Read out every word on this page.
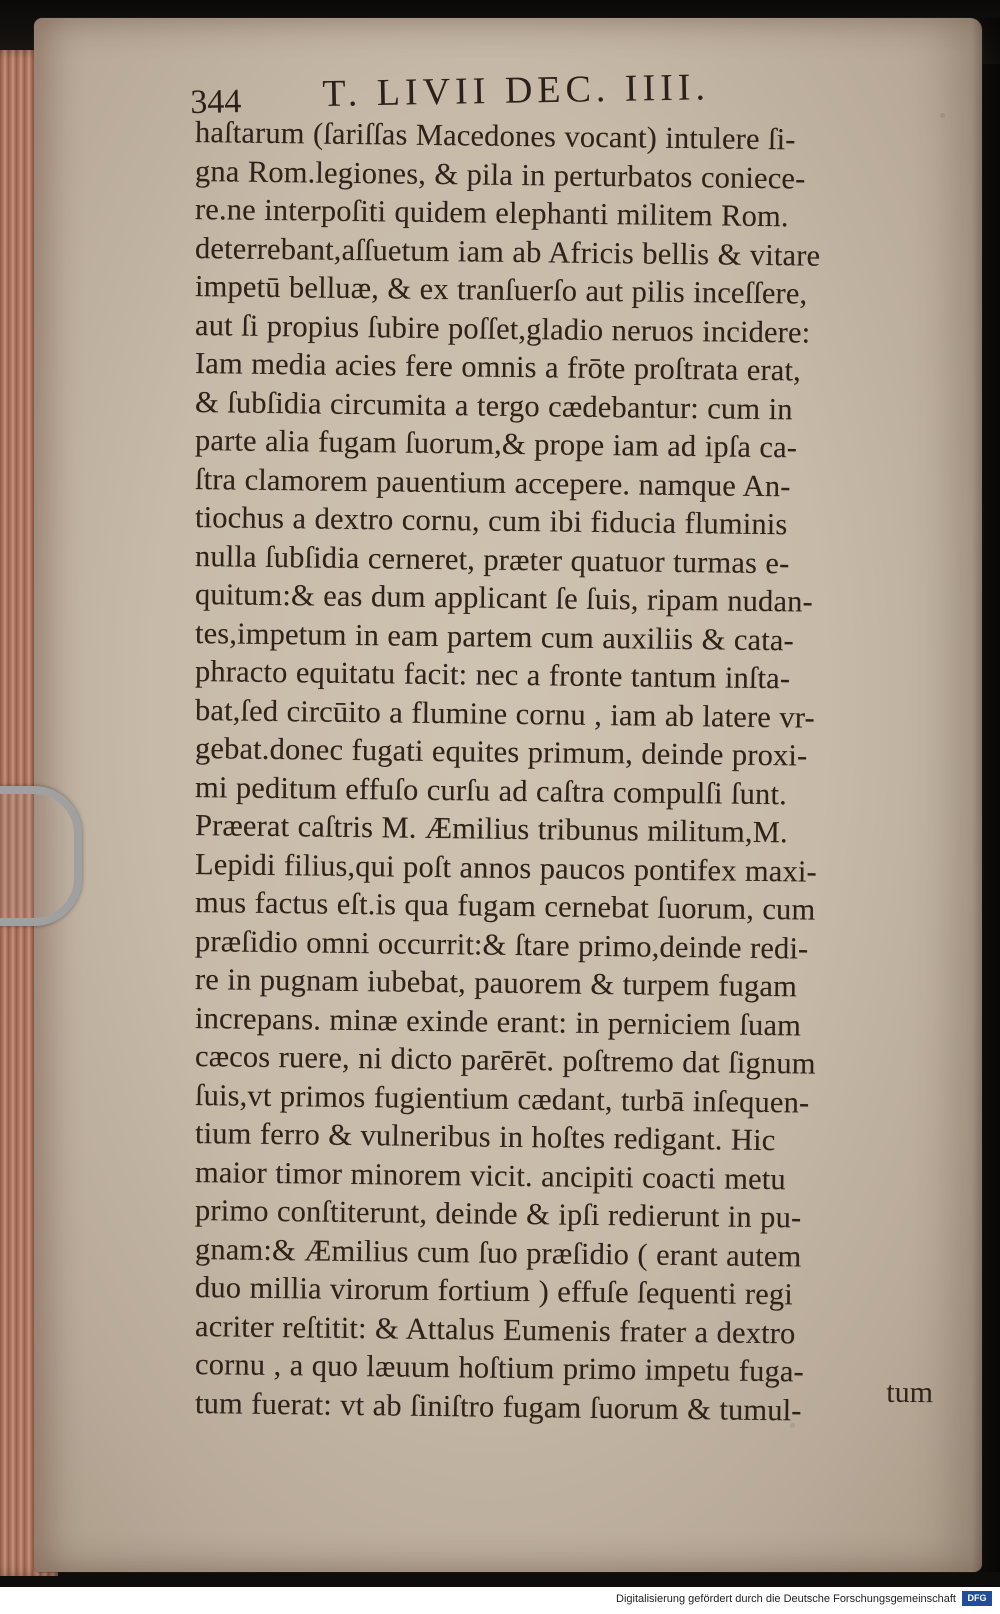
344 T. LIVII DEC. IIII.
haſtarum (ſariſſas Macedones vocant) intulere ſi-
gna Rom.legiones, & pila in perturbatos coniece-
re.ne interpoſiti quidem elephanti militem Rom.
deterrebant,aſſuetum iam ab Africis bellis & vitare
impetū belluæ, & ex tranſuerſo aut pilis inceſſere,
aut ſi propius ſubire poſſet,gladio neruos incidere:
Iam media acies fere omnis a frōte proſtrata erat,
& ſubſidia circumita a tergo cædebantur: cum in
parte alia fugam ſuorum,& prope iam ad ipſa ca-
ſtra clamorem pauentium accepere. namque An-
tiochus a dextro cornu, cum ibi fiducia fluminis
nulla ſubſidia cerneret, præter quatuor turmas e-
quitum:& eas dum applicant ſe ſuis, ripam nudan-
tes,impetum in eam partem cum auxiliis & cata-
phracto equitatu facit: nec a fronte tantum inſta-
bat,ſed circūito a flumine cornu , iam ab latere vr-
gebat.donec fugati equites primum, deinde proxi-
mi peditum effuſo curſu ad caſtra compulſi ſunt.
Præerat caſtris M. Æmilius tribunus militum,M.
Lepidi filius,qui poſt annos paucos pontifex maxi-
mus factus eſt.is qua fugam cernebat ſuorum, cum
præſidio omni occurrit:& ſtare primo,deinde redi-
re in pugnam iubebat, pauorem & turpem fugam
increpans. minæ exinde erant: in perniciem ſuam
cæcos ruere, ni dicto parērēt. poſtremo dat ſignum
ſuis,vt primos fugientium cædant, turbā inſequen-
tium ferro & vulneribus in hoſtes redigant. Hic
maior timor minorem vicit. ancipiti coacti metu
primo conſtiterunt, deinde & ipſi redierunt in pu-
gnam:& Æmilius cum ſuo præſidio ( erant autem
duo millia virorum fortium ) effuſe ſequenti regi
acriter reſtitit: & Attalus Eumenis frater a dextro
cornu , a quo læuum hoſtium primo impetu fuga-
tum fuerat: vt ab ſiniſtro fugam ſuorum & tumul-	tum
Digitalisierung gefördert durch die Deutsche Forschungsgemeinschaft	DFG
